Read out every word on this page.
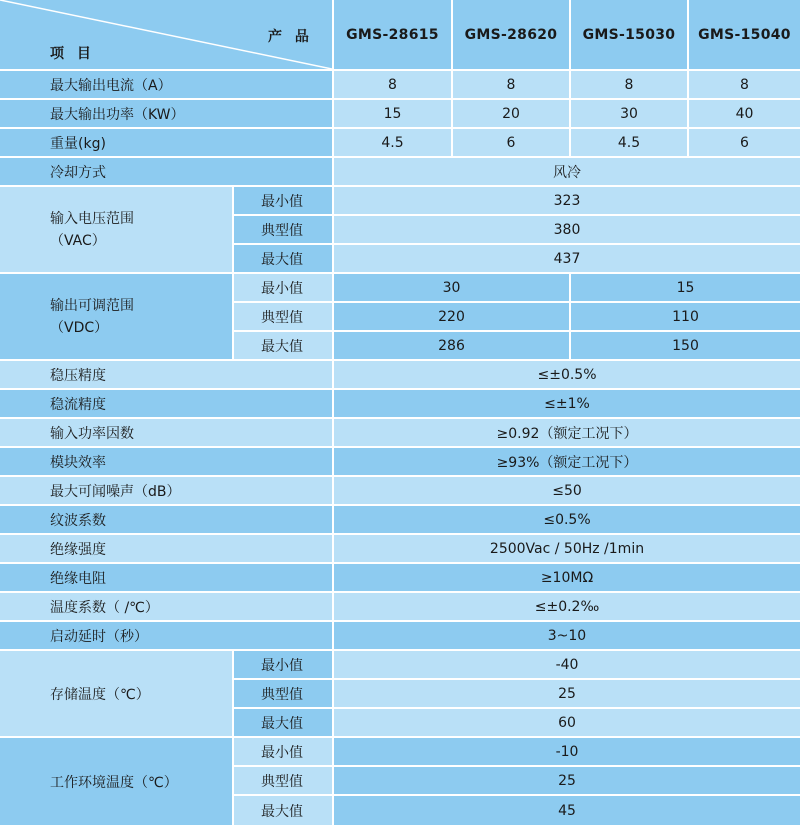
产 品
项 目
GMS-28615	GMS-28620	GMS-15030	GMS-15040
最大输出电流（A）	8	8	8	8
最大输出功率（KW）	15	20	30	40
重量(kg)	4.5	6	4.5	6
冷却方式	风冷
输入电压范围
（VAC）
最小值	323
典型值	380
最大值	437
输出可调范围
（VDC）
最小值	30	15
典型值	220	110
最大值	286	150
稳压精度	≤±0.5%
稳流精度	≤±1%
输入功率因数	≥0.92（额定工况下）
模块效率	≥93%（额定工况下）
最大可闻噪声（dB）	≤50
纹波系数	≤0.5%
绝缘强度	2500Vac / 50Hz /1min
绝缘电阻	≥10MΩ
温度系数（ /℃）	≤±0.2‰
启动延时（秒）	3~10
存储温度（℃）
最小值	-40
典型值	25
最大值	60
工作环境温度（℃）
最小值	-10
典型值	25
最大值	45
